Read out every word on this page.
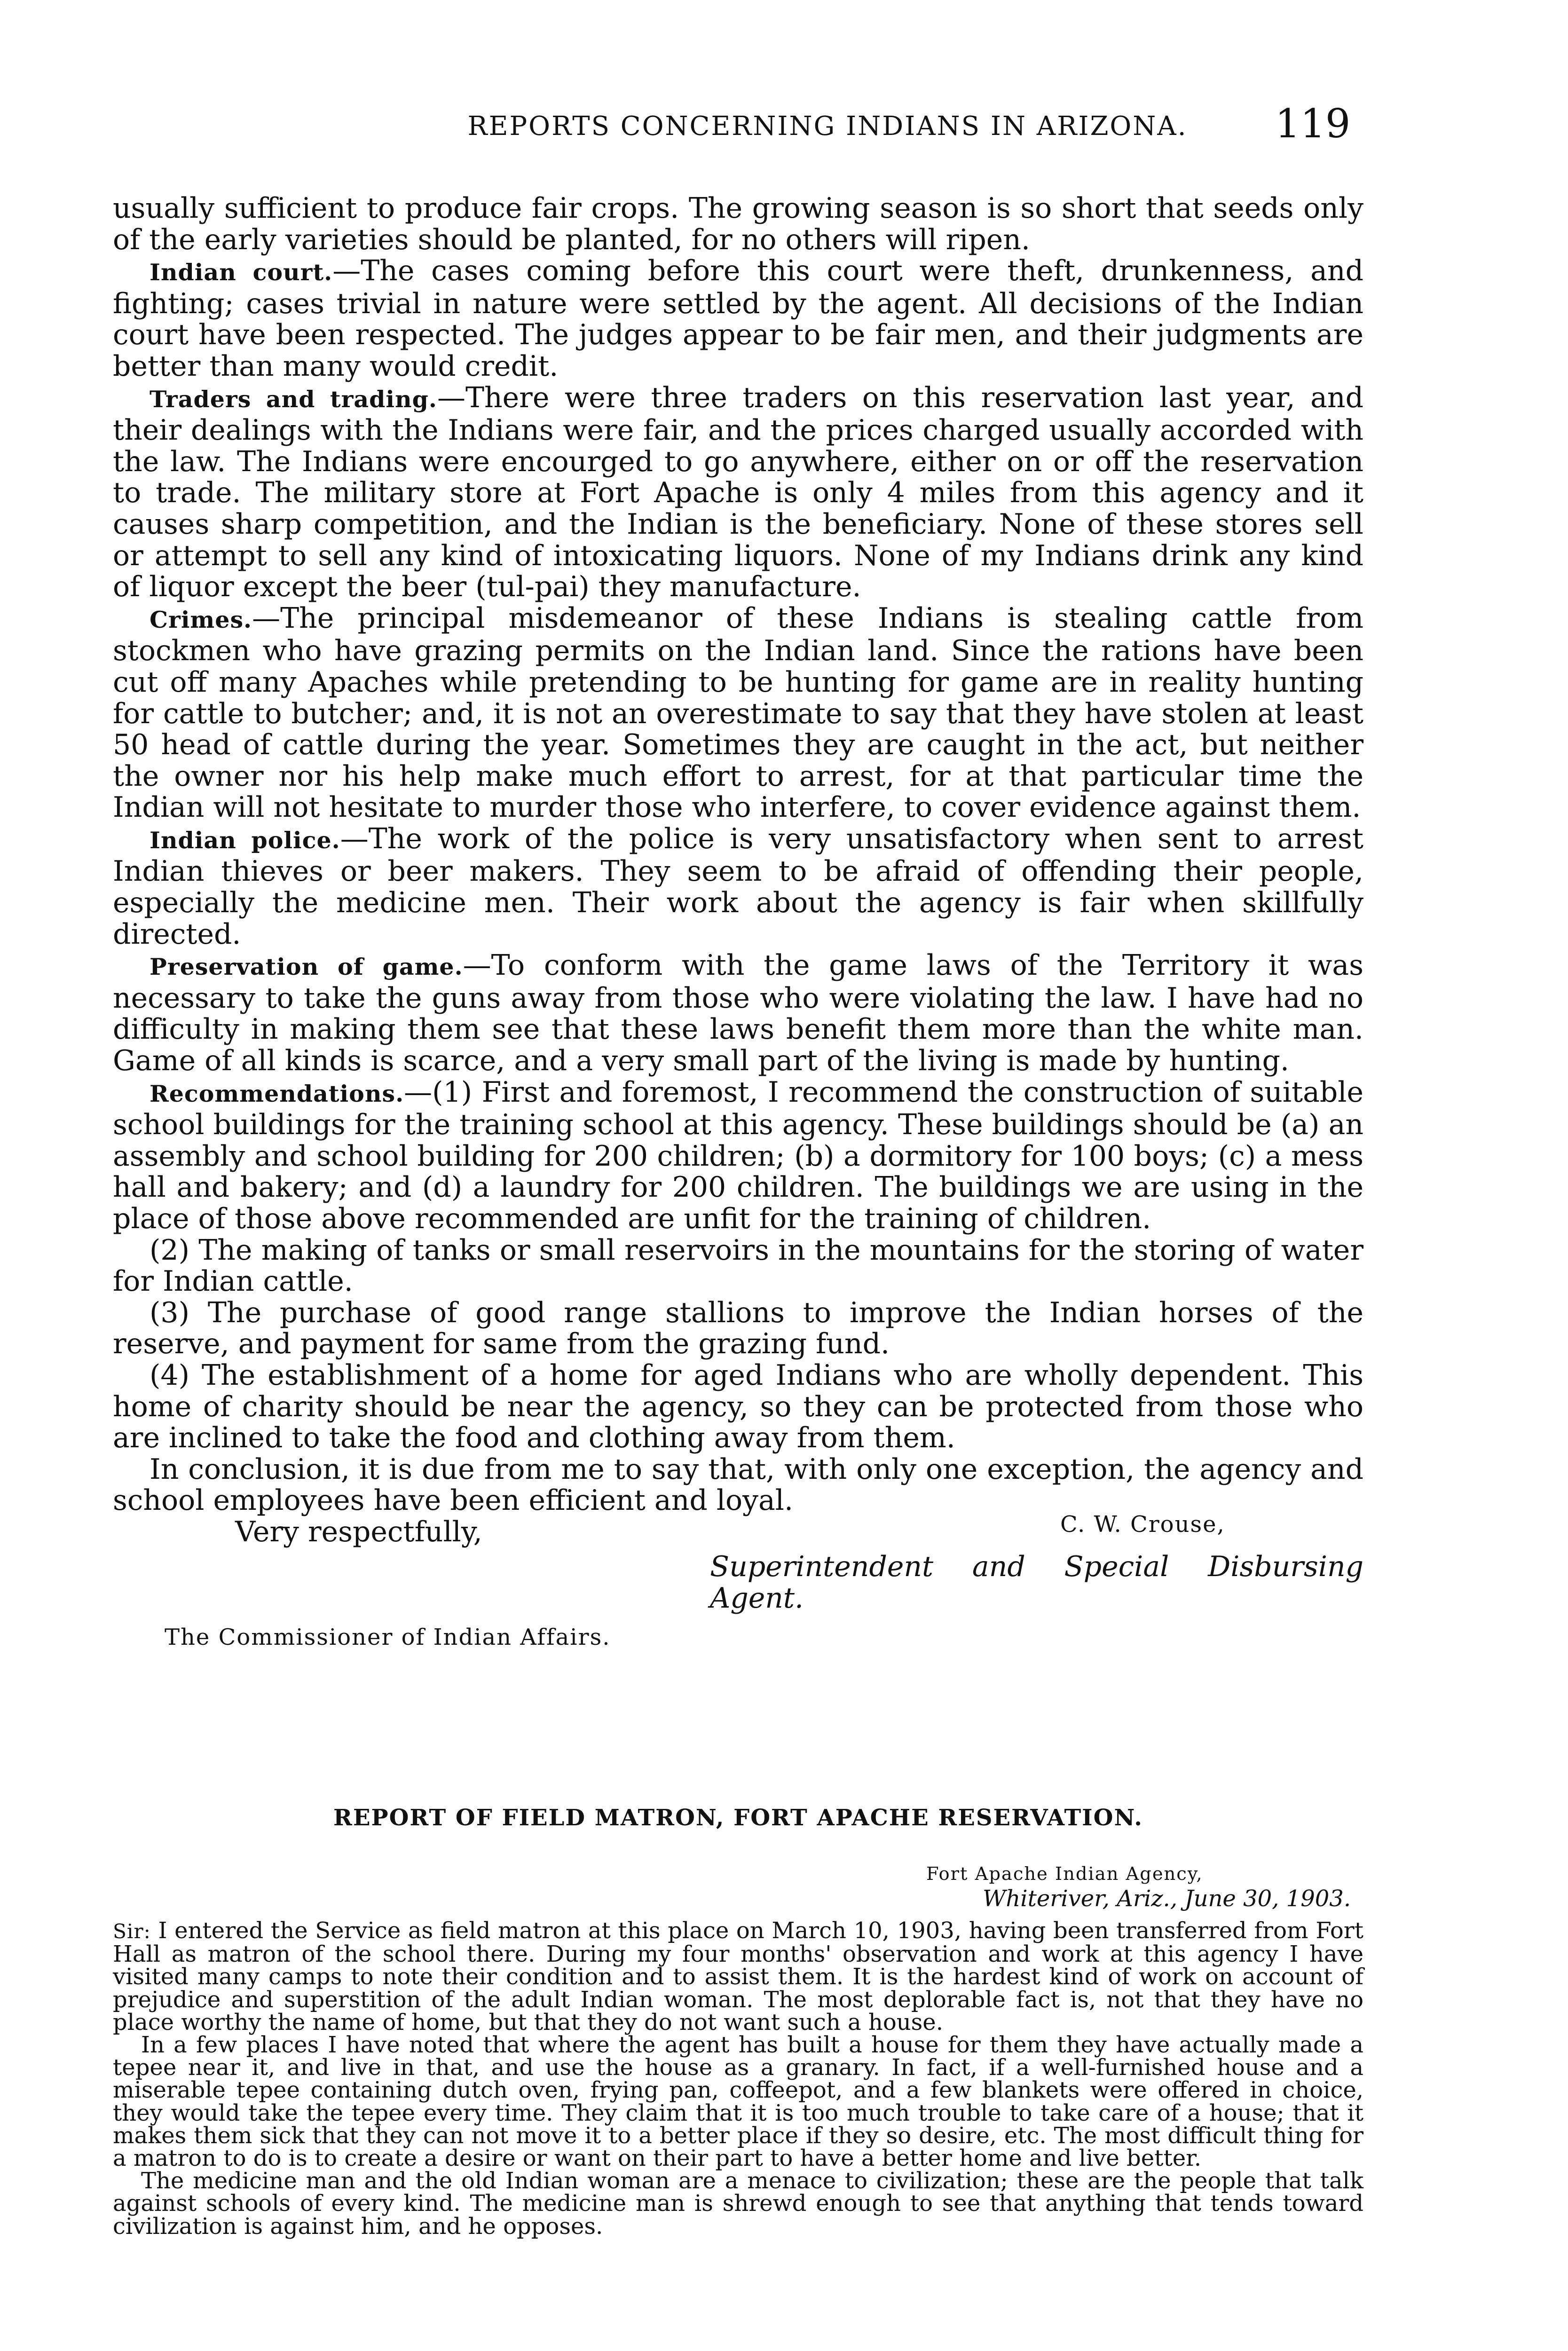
REPORTS CONCERNING INDIANS IN ARIZONA.	119

usually sufficient to produce fair crops. The growing season is so short that seeds only of the early varieties should be planted, for no others will ripen.

Indian court.—The cases coming before this court were theft, drunkenness, and fighting; cases trivial in nature were settled by the agent. All decisions of the Indian court have been respected. The judges appear to be fair men, and their judgments are better than many would credit.

Traders and trading.—There were three traders on this reservation last year, and their dealings with the Indians were fair, and the prices charged usually accorded with the law. The Indians were encourged to go anywhere, either on or off the reservation to trade. The military store at Fort Apache is only 4 miles from this agency and it causes sharp competition, and the Indian is the beneficiary. None of these stores sell or attempt to sell any kind of intoxicating liquors. None of my Indians drink any kind of liquor except the beer (tul-pai) they manufacture.

Crimes.—The principal misdemeanor of these Indians is stealing cattle from stockmen who have grazing permits on the Indian land. Since the rations have been cut off many Apaches while pretending to be hunting for game are in reality hunting for cattle to butcher; and, it is not an overestimate to say that they have stolen at least 50 head of cattle during the year. Sometimes they are caught in the act, but neither the owner nor his help make much effort to arrest, for at that particular time the Indian will not hesitate to murder those who interfere, to cover evidence against them.

Indian police.—The work of the police is very unsatisfactory when sent to arrest Indian thieves or beer makers. They seem to be afraid of offending their people, especially the medicine men. Their work about the agency is fair when skillfully directed.

Preservation of game.—To conform with the game laws of the Territory it was necessary to take the guns away from those who were violating the law. I have had no difficulty in making them see that these laws benefit them more than the white man. Game of all kinds is scarce, and a very small part of the living is made by hunting.

Recommendations.—(1) First and foremost, I recommend the construction of suitable school buildings for the training school at this agency. These buildings should be (a) an assembly and school building for 200 children; (b) a dormitory for 100 boys; (c) a mess hall and bakery; and (d) a laundry for 200 children. The buildings we are using in the place of those above recommended are unfit for the training of children.

(2) The making of tanks or small reservoirs in the mountains for the storing of water for Indian cattle.

(3) The purchase of good range stallions to improve the Indian horses of the reserve, and payment for same from the grazing fund.

(4) The establishment of a home for aged Indians who are wholly dependent. This home of charity should be near the agency, so they can be protected from those who are inclined to take the food and clothing away from them.

In conclusion, it is due from me to say that, with only one exception, the agency and school employees have been efficient and loyal.

Very respectfully,	C. W. Crouse,
Superintendent and Special Disbursing Agent.
The Commissioner of Indian Affairs.
REPORT OF FIELD MATRON, FORT APACHE RESERVATION.
Fort Apache Indian Agency,
Whiteriver, Ariz., June 30, 1903.

Sir: I entered the Service as field matron at this place on March 10, 1903, having been transferred from Fort Hall as matron of the school there. During my four months' observation and work at this agency I have visited many camps to note their condition and to assist them. It is the hardest kind of work on account of prejudice and superstition of the adult Indian woman. The most deplorable fact is, not that they have no place worthy the name of home, but that they do not want such a house.

In a few places I have noted that where the agent has built a house for them they have actually made a tepee near it, and live in that, and use the house as a granary. In fact, if a well-furnished house and a miserable tepee containing dutch oven, frying pan, coffeepot, and a few blankets were offered in choice, they would take the tepee every time. They claim that it is too much trouble to take care of a house; that it makes them sick that they can not move it to a better place if they so desire, etc. The most difficult thing for a matron to do is to create a desire or want on their part to have a better home and live better.

The medicine man and the old Indian woman are a menace to civilization; these are the people that talk against schools of every kind. The medicine man is shrewd enough to see that anything that tends toward civilization is against him, and he opposes.
